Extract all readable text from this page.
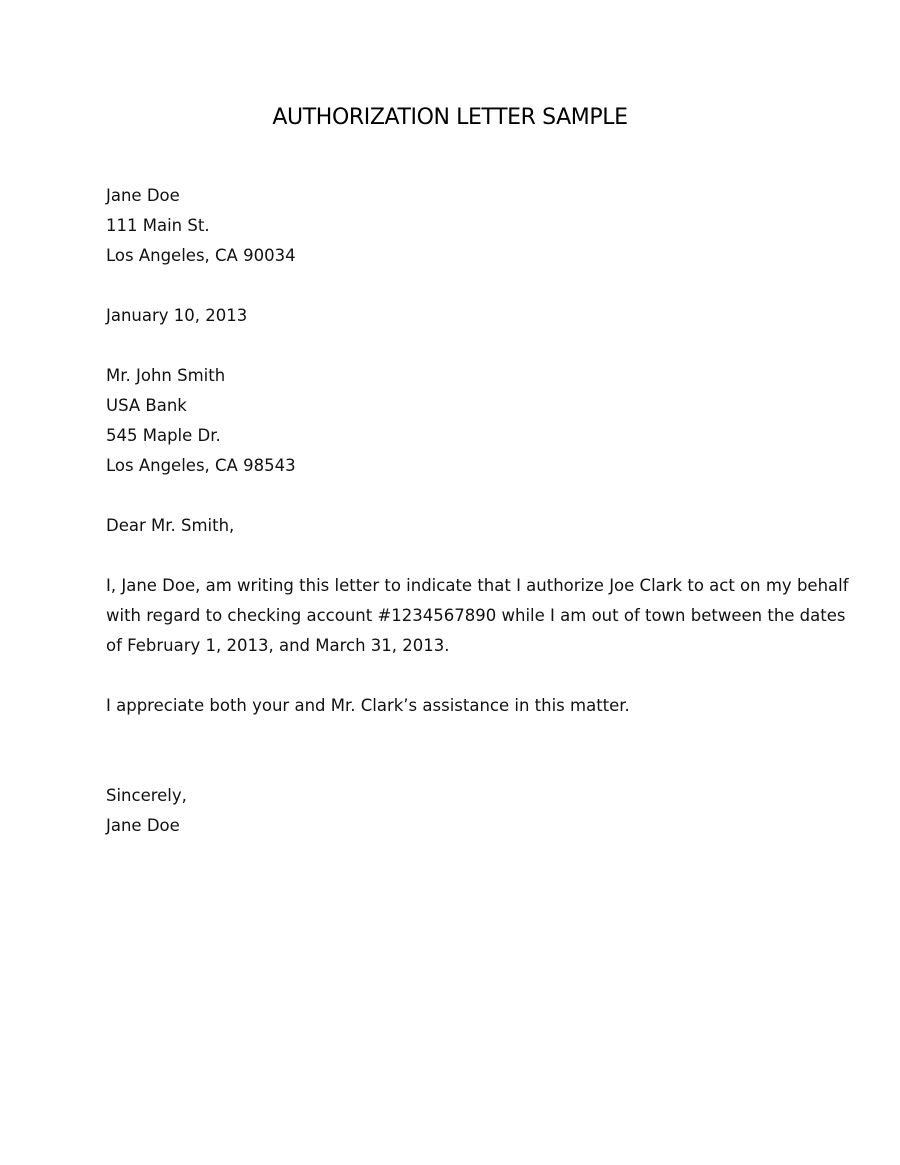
AUTHORIZATION LETTER SAMPLE
Jane Doe
111 Main St.
Los Angeles, CA 90034
January 10, 2013
Mr. John Smith
USA Bank
545 Maple Dr.
Los Angeles, CA 98543
Dear Mr. Smith,
I, Jane Doe, am writing this letter to indicate that I authorize Joe Clark to act on my behalf
with regard to checking account #1234567890 while I am out of town between the dates
of February 1, 2013, and March 31, 2013.
I appreciate both your and Mr. Clark’s assistance in this matter.
Sincerely,
Jane Doe
